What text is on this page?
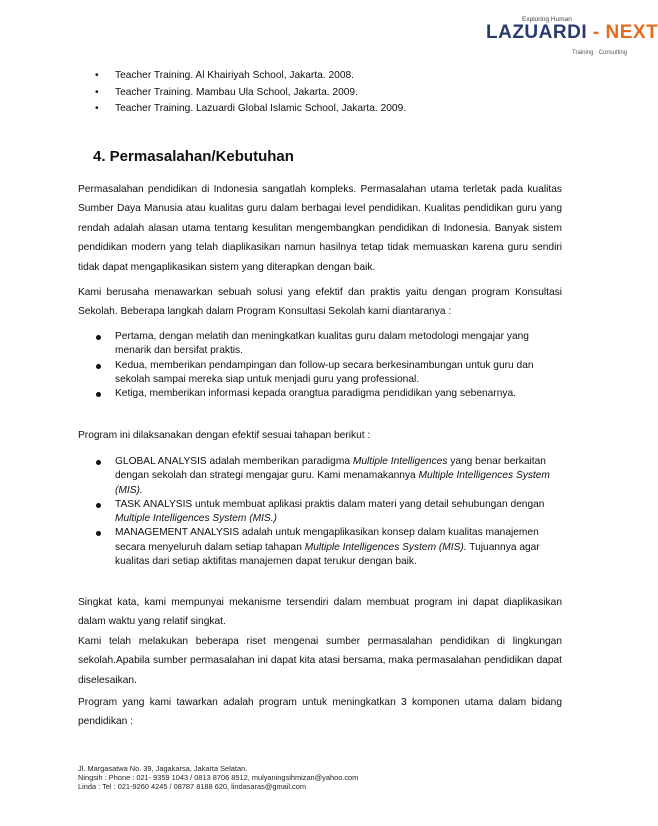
Exploring Human
LAZUARDI - NEXT
Training · Consulting
• Teacher Training. Al Khairiyah School, Jakarta. 2008.
• Teacher Training. Mambau Ula School, Jakarta. 2009.
• Teacher Training. Lazuardi Global Islamic School, Jakarta. 2009.
4. Permasalahan/Kebutuhan

Permasalahan pendidikan di Indonesia sangatlah kompleks. Permasalahan utama terletak pada kualitas Sumber Daya Manusia atau kualitas guru dalam berbagai level pendidikan. Kualitas pendidikan guru yang rendah adalah alasan utama tentang kesulitan mengembangkan pendidikan di Indonesia. Banyak sistem pendidikan modern yang telah diaplikasikan namun hasilnya tetap tidak memuaskan karena guru sendiri tidak dapat mengaplikasikan sistem yang diterapkan dengan baik.

Kami berusaha menawarkan sebuah solusi yang efektif dan praktis yaitu dengan program Konsultasi Sekolah. Beberapa langkah dalam Program Konsultasi Sekolah kami diantaranya :

Pertama, dengan melatih dan meningkatkan kualitas guru dalam metodologi mengajar yang menarik dan bersifat praktis.
Kedua, memberikan pendampingan dan follow-up secara berkesinambungan untuk guru dan sekolah sampai mereka siap untuk menjadi guru yang professional.
Ketiga, memberikan informasi kepada orangtua paradigma pendidikan yang sebenarnya.

Program ini dilaksanakan dengan efektif sesuai tahapan berikut :

GLOBAL ANALYSIS adalah memberikan paradigma Multiple Intelligences yang benar berkaitan dengan sekolah dan strategi mengajar guru. Kami menamakannya Multiple Intelligences System (MIS).
TASK ANALYSIS untuk membuat aplikasi praktis dalam materi yang detail sehubungan dengan Multiple Intelligences System (MIS.)
MANAGEMENT ANALYSIS adalah untuk mengaplikasikan konsep dalam kualitas manajemen secara menyeluruh dalam setiap tahapan Multiple Intelligences System (MIS). Tujuannya agar kualitas dari setiap aktifitas manajemen dapat terukur dengan baik.

Singkat kata, kami mempunyai mekanisme tersendiri dalam membuat program ini dapat diaplikasikan dalam waktu yang relatif singkat.

Kami telah melakukan beberapa riset mengenai sumber permasalahan pendidikan di lingkungan sekolah.Apabila sumber permasalahan ini dapat kita atasi bersama, maka permasalahan pendidikan dapat diselesaikan.

Program yang kami tawarkan adalah program untuk meningkatkan 3 komponen utama dalam bidang pendidikan :

Jl. Margasatwa No. 39, Jagakarsa, Jakarta Selatan.
Ningsih : Phone : 021- 9359 1043 / 0813 8706 8512, mulyaningsihmizan@yahoo.com
Linda : Tel : 021-9260 4245 / 08787 8188 620, lindasaras@gmail.com
